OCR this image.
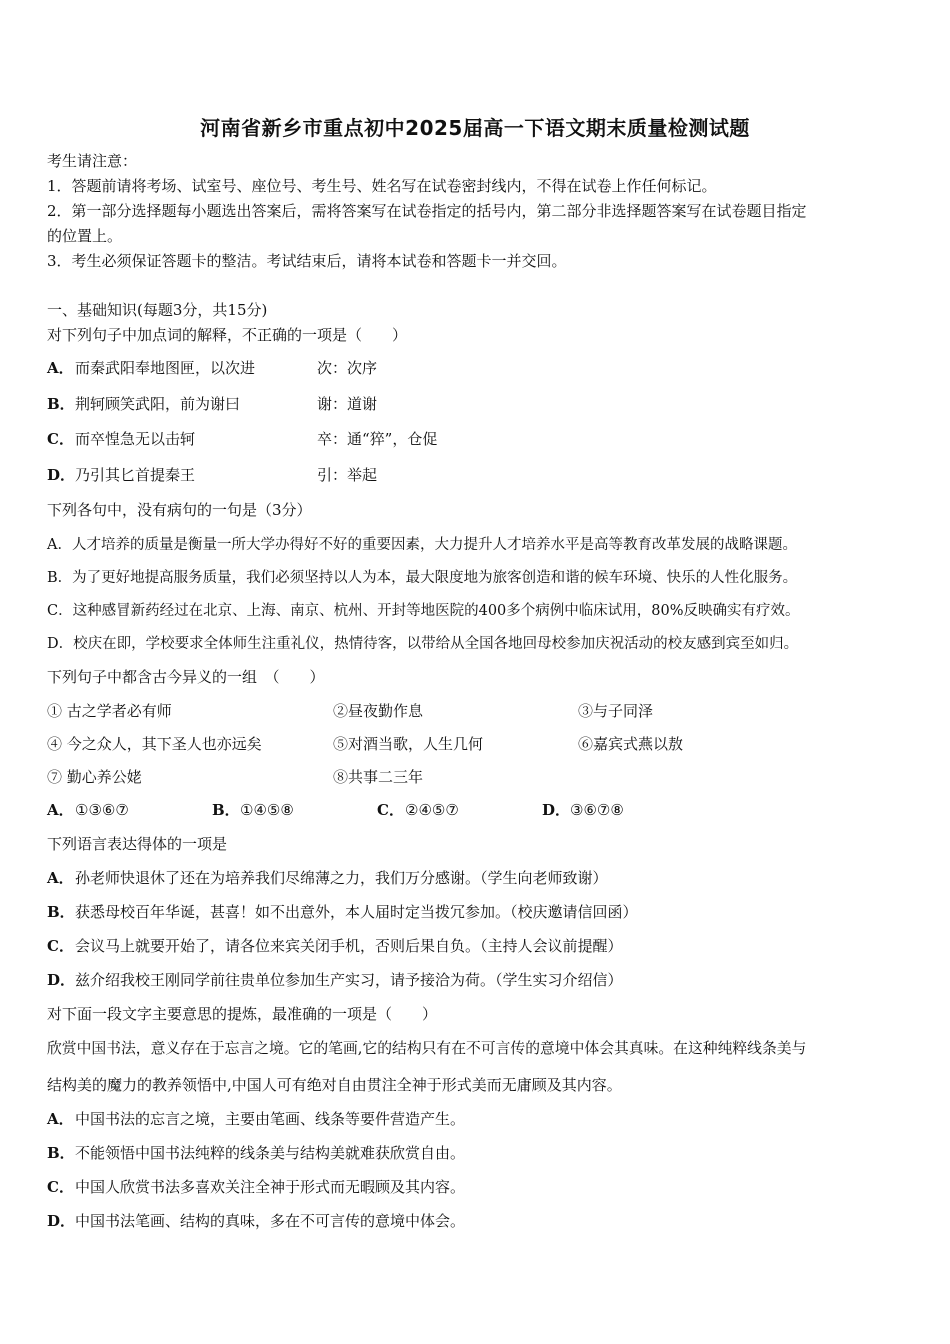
河南省新乡市重点初中2025届高一下语文期末质量检测试题
考生请注意：
1．答题前请将考场、试室号、座位号、考生号、姓名写在试卷密封线内，不得在试卷上作任何标记。
2．第一部分选择题每小题选出答案后，需将答案写在试卷指定的括号内，第二部分非选择题答案写在试卷题目指定
的位置上。
3．考生必须保证答题卡的整洁。考试结束后，请将本试卷和答题卡一并交回。
一、基础知识(每题3分，共15分)
对下列句子中加点词的解释，不正确的一项是（　　）
A．而秦武阳奉地图匣，以次进	次：次序
B．荆轲顾笑武阳，前为谢曰	谢：道谢
C．而卒惶急无以击轲	卒：通“猝”，仓促
D．乃引其匕首提秦王	引：举起
下列各句中，没有病句的一句是（3分）
A．人才培养的质量是衡量一所大学办得好不好的重要因素，大力提升人才培养水平是高等教育改革发展的战略课题。
B．为了更好地提高服务质量，我们必须坚持以人为本，最大限度地为旅客创造和谐的候车环境、快乐的人性化服务。
C．这种感冒新药经过在北京、上海、南京、杭州、开封等地医院的400多个病例中临床试用，80%反映确实有疗效。
D．校庆在即，学校要求全体师生注重礼仪，热情待客，以带给从全国各地回母校参加庆祝活动的校友感到宾至如归。
下列句子中都含古今异义的一组　（　　）
① 古之学者必有师	②昼夜勤作息	③与子同泽
④ 今之众人，其下圣人也亦远矣	⑤对酒当歌，人生几何	⑥嘉宾式燕以敖
⑦ 勤心养公姥	⑧共事二三年
A．①③⑥⑦	B．①④⑤⑧	C．②④⑤⑦	D．③⑥⑦⑧
下列语言表达得体的一项是
A．孙老师快退休了还在为培养我们尽绵薄之力，我们万分感谢。（学生向老师致谢）
B．获悉母校百年华诞，甚喜！如不出意外，本人届时定当拨冗参加。（校庆邀请信回函）
C．会议马上就要开始了，请各位来宾关闭手机，否则后果自负。（主持人会议前提醒）
D．兹介绍我校王刚同学前往贵单位参加生产实习，请予接洽为荷。（学生实习介绍信）
对下面一段文字主要意思的提炼，最准确的一项是（　　）
欣赏中国书法，意义存在于忘言之境。它的笔画,它的结构只有在不可言传的意境中体会其真味。在这种纯粹线条美与
结构美的魔力的教养领悟中,中国人可有绝对自由贯注全神于形式美而无庸顾及其内容。
A．中国书法的忘言之境，主要由笔画、线条等要件营造产生。
B．不能领悟中国书法纯粹的线条美与结构美就难获欣赏自由。
C．中国人欣赏书法多喜欢关注全神于形式而无暇顾及其内容。
D．中国书法笔画、结构的真味，多在不可言传的意境中体会。
